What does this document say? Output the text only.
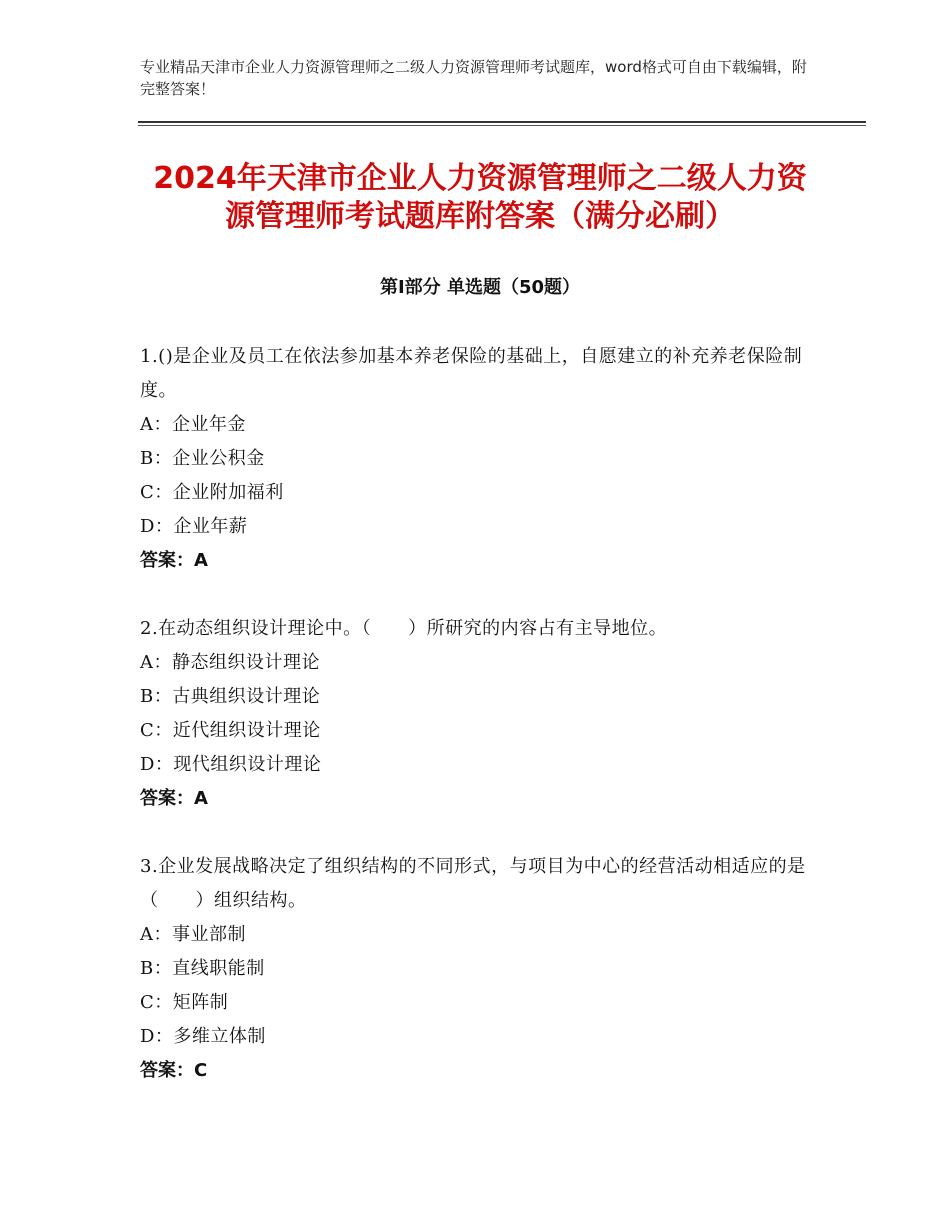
专业精品天津市企业人力资源管理师之二级人力资源管理师考试题库，word格式可自由下载编辑，附完整答案！
2024年天津市企业人力资源管理师之二级人力资源管理师考试题库附答案（满分必刷）
第Ⅰ部分 单选题（50题）

1.()是企业及员工在依法参加基本养老保险的基础上，自愿建立的补充养老保险制度。

A：企业年金

B：企业公积金

C：企业附加福利

D：企业年薪

答案：A

2.在动态组织设计理论中。（　　）所研究的内容占有主导地位。

A：静态组织设计理论

B：古典组织设计理论

C：近代组织设计理论

D：现代组织设计理论

答案：A

3.企业发展战略决定了组织结构的不同形式，与项目为中心的经营活动相适应的是（　　）组织结构。

A：事业部制

B：直线职能制

C：矩阵制

D：多维立体制

答案：C
